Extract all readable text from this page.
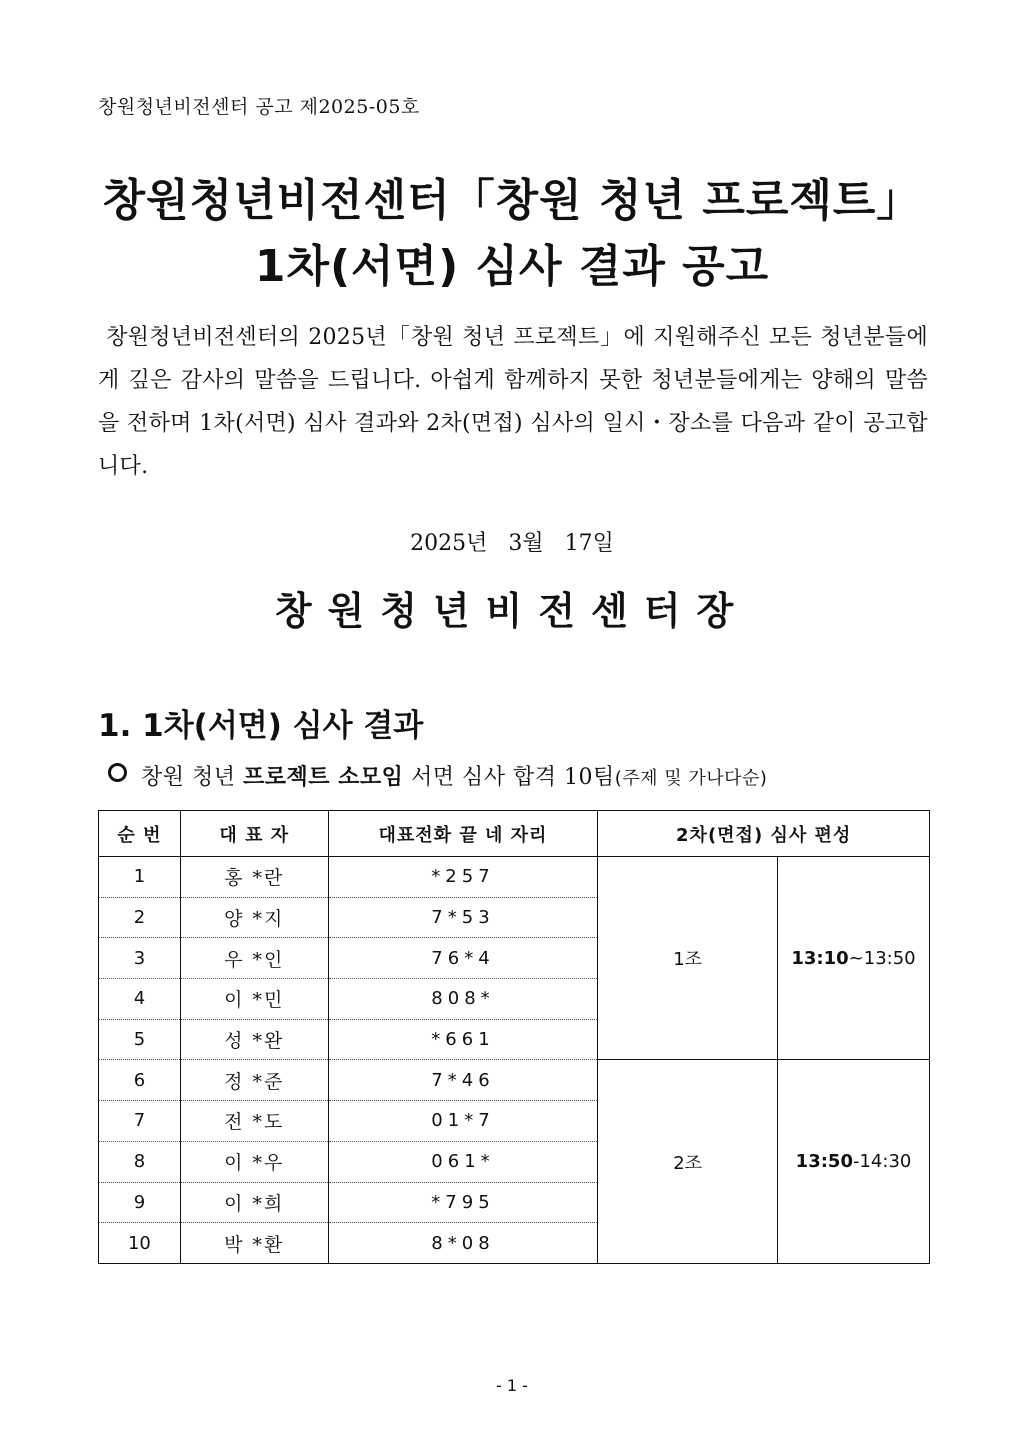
창원청년비전센터 공고 제2025-05호
창원청년비전센터「창원 청년 프로젝트」
1차(서면) 심사 결과 공고
창원청년비전센터의 2025년「창원 청년 프로젝트」에 지원해주신 모든 청년분들에게 깊은 감사의 말씀을 드립니다. 아쉽게 함께하지 못한 청년분들에게는 양해의 말씀을 전하며 1차(서면) 심사 결과와 2차(면접) 심사의 일시・장소를 다음과 같이 공고합니다.
2025년 3월 17일
창원청년비전센터장
1. 1차(서면) 심사 결과
창원 청년 프로젝트 소모임 서면 심사 합격 10팀(주제 및 가나다순)
순 번	대 표 자	대표전화 끝 네 자리	2차(면접) 심사 편성	
1	홍 *란	*257	1조	13:10~13:50
2	양 *지	7*53		
3	우 *인	76*4		
4	이 *민	808*		
5	성 *완	*661		
6	정 *준	7*46	2조	13:50-14:30
7	전 *도	01*7		
8	이 *우	061*		
9	이 *희	*795		
10	박 *환	8*08		
- 1 -
